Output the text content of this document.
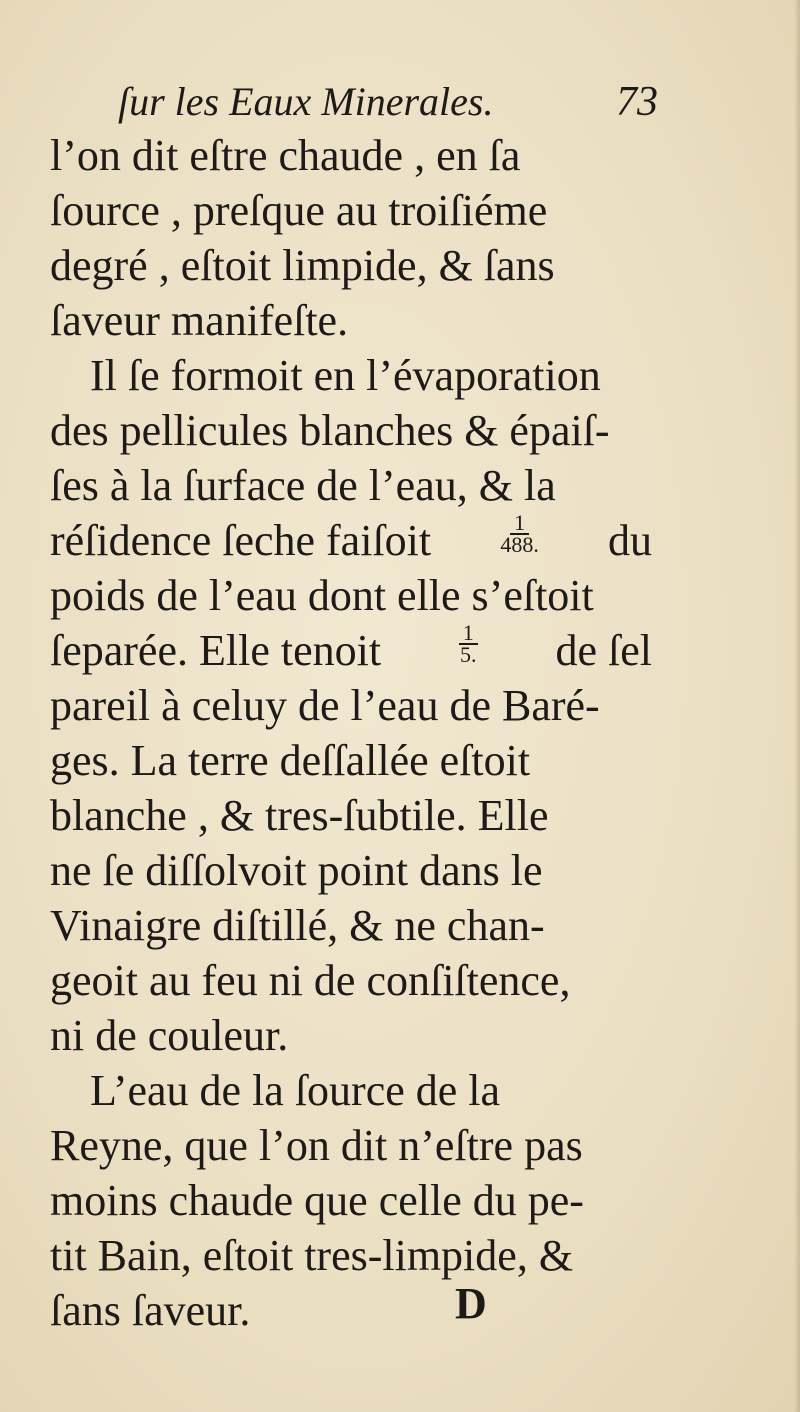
ſur les Eaux Minerales.	73
l’on dit eſtre chaude , en ſa
ſource , preſque au troiſiéme
degré , eſtoit limpide, & ſans
ſaveur manifeſte.
Il ſe formoit en l’évaporation
des pellicules blanches & épaiſ-
ſes à la ſurface de l’eau, & la
réſidence ſeche faiſoit	$\frac{1}{488.}$ du
poids de l’eau dont elle s’eſtoit
ſeparée. Elle tenoit	$\frac{1}{5.}$ de ſel
pareil à celuy de l’eau de Baré-
ges. La terre deſſallée eſtoit
blanche , & tres-ſubtile. Elle
ne ſe diſſolvoit point dans le
Vinaigre diſtillé, & ne chan-
geoit au feu ni de conſiſtence,
ni de couleur.
L’eau de la ſource de la
Reyne, que l’on dit n’eſtre pas
moins chaude que celle du pe-
tit Bain, eſtoit tres-limpide, &
ſans ſaveur.	D
